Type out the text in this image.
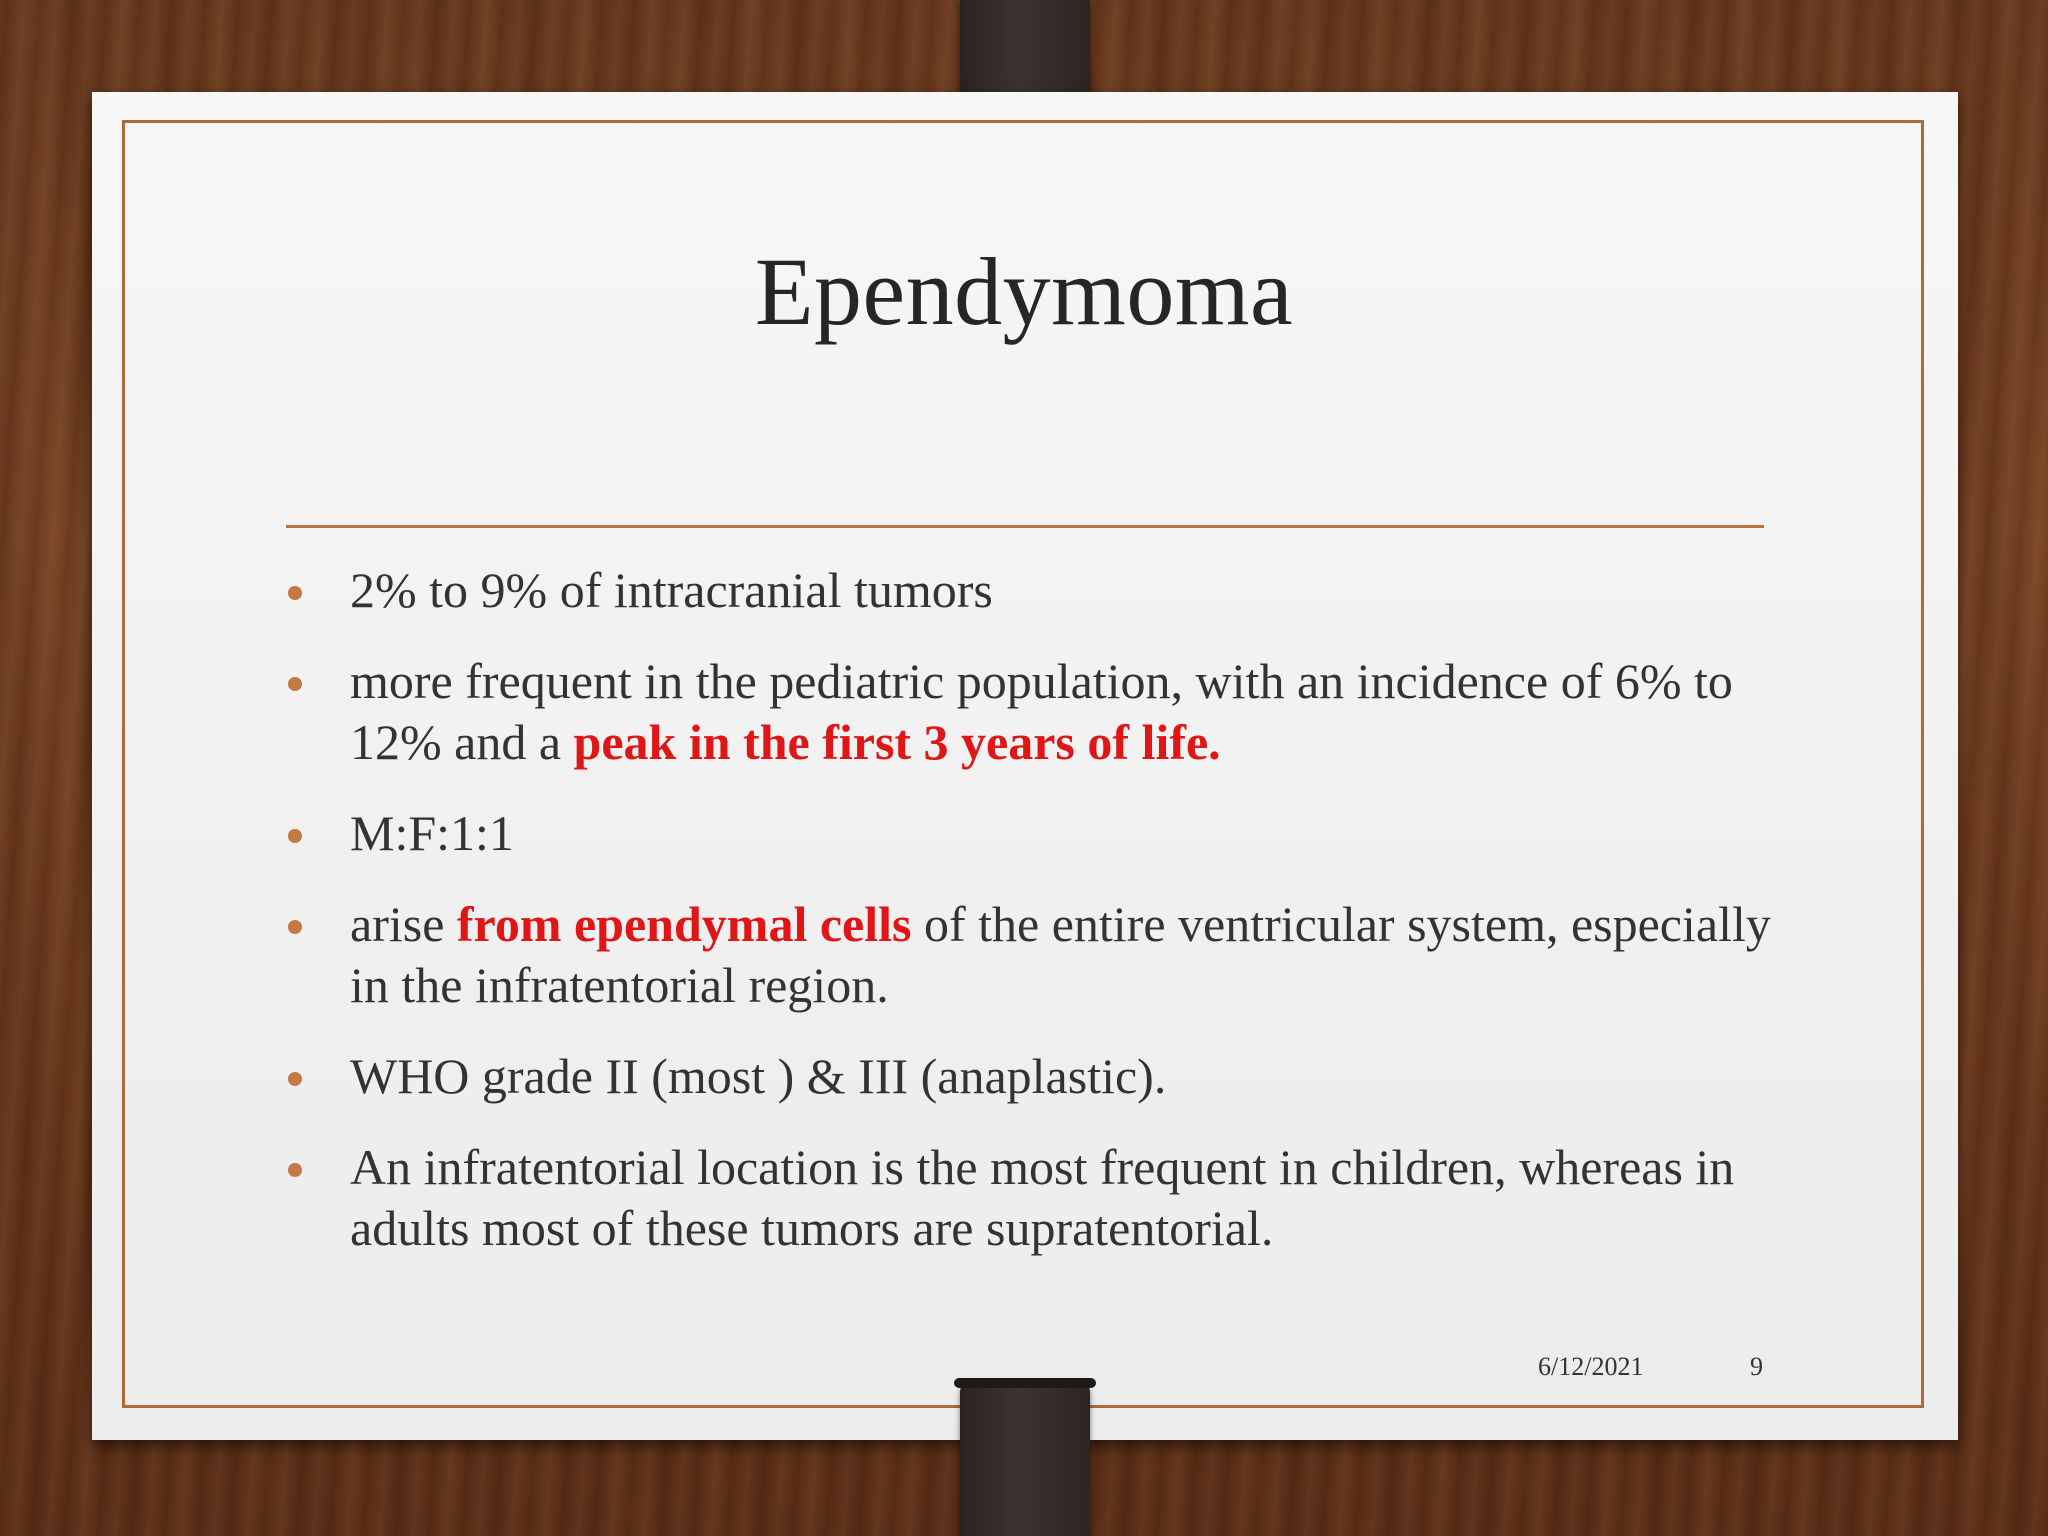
Ependymoma
2% to 9% of intracranial tumors
more frequent in the pediatric population, with an incidence of 6% to 12% and a peak in the first 3 years of life.
M:F:1:1
arise from ependymal cells of the entire ventricular system, especially in the infratentorial region.
WHO grade II (most ) & III (anaplastic).
An infratentorial location is the most frequent in children, whereas in adults most of these tumors are supratentorial.
6/12/2021	9
